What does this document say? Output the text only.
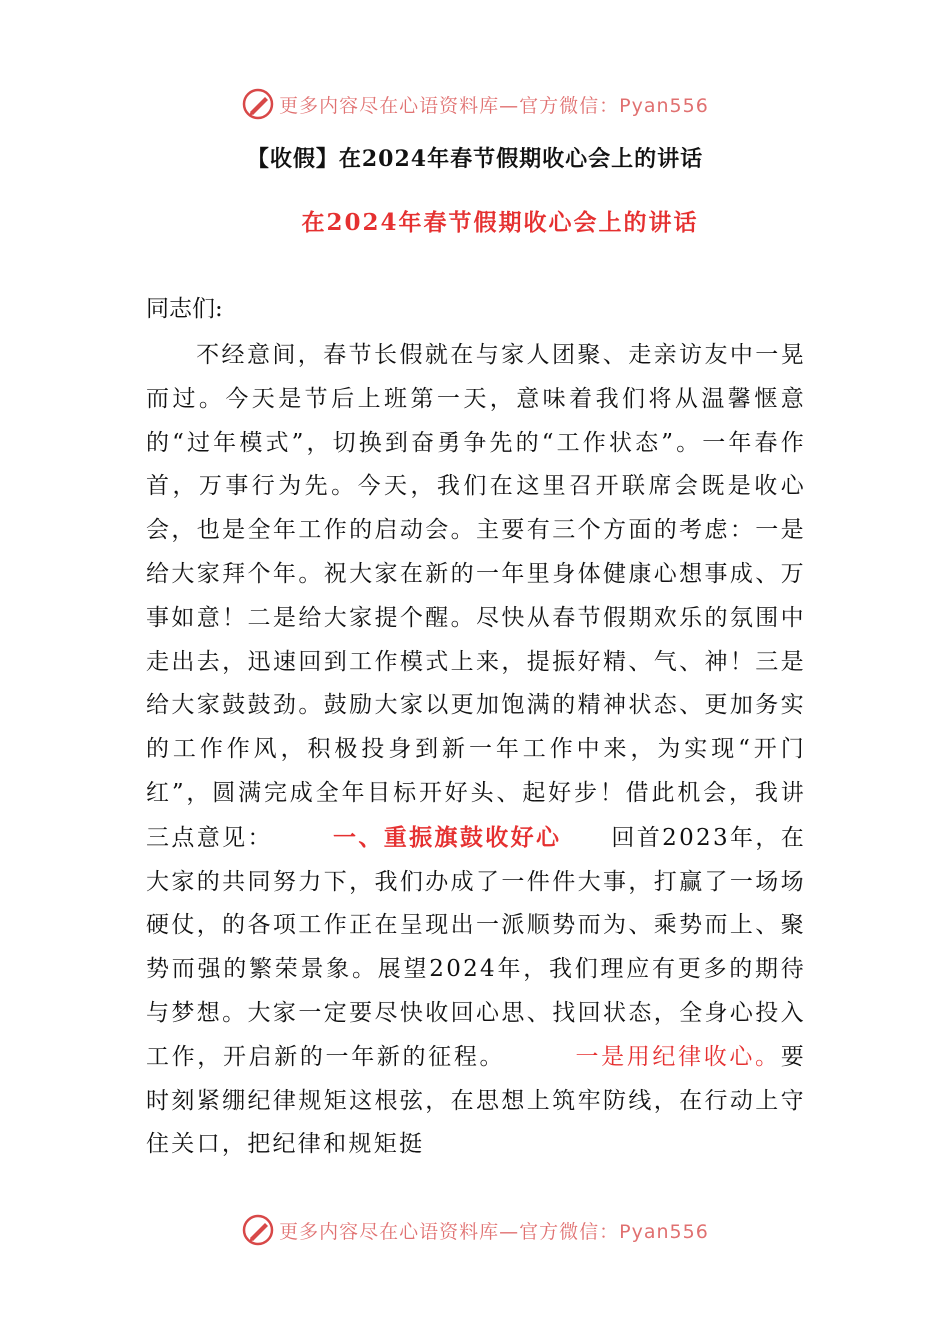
更多内容尽在心语资料库—官方微信：Pyan556
【收假】在2024年春节假期收心会上的讲话
在2024年春节假期收心会上的讲话
同志们:
不经意间，春节长假就在与家人团聚、走亲访友中一晃而过。今天是节后上班第一天，意味着我们将从温馨惬意的“过年模式”，切换到奋勇争先的“工作状态”。一年春作首，万事行为先。今天，我们在这里召开联席会既是收心会，也是全年工作的启动会。主要有三个方面的考虑：一是给大家拜个年。祝大家在新的一年里身体健康心想事成、万事如意！二是给大家提个醒。尽快从春节假期欢乐的氛围中走出去，迅速回到工作模式上来，提振好精、气、神！三是给大家鼓鼓劲。鼓励大家以更加饱满的精神状态、更加务实的工作作风，积极投身到新一年工作中来，为实现“开门红”，圆满完成全年目标开好头、起好步！借此机会，我讲三点意见：	一、重振旗鼓收好心 回首2023年，在大家的共同努力下，我们办成了一件件大事，打赢了一场场硬仗，的各项工作正在呈现出一派顺势而为、乘势而上、聚势而强的繁荣景象。展望2024年，我们理应有更多的期待与梦想。大家一定要尽快收回心思、找回状态，全身心投入工作，开启新的一年新的征程。	一是用纪律收心。要时刻紧绷纪律规矩这根弦，在思想上筑牢防线，在行动上守住关口，把纪律和规矩挺
更多内容尽在心语资料库—官方微信：Pyan556
